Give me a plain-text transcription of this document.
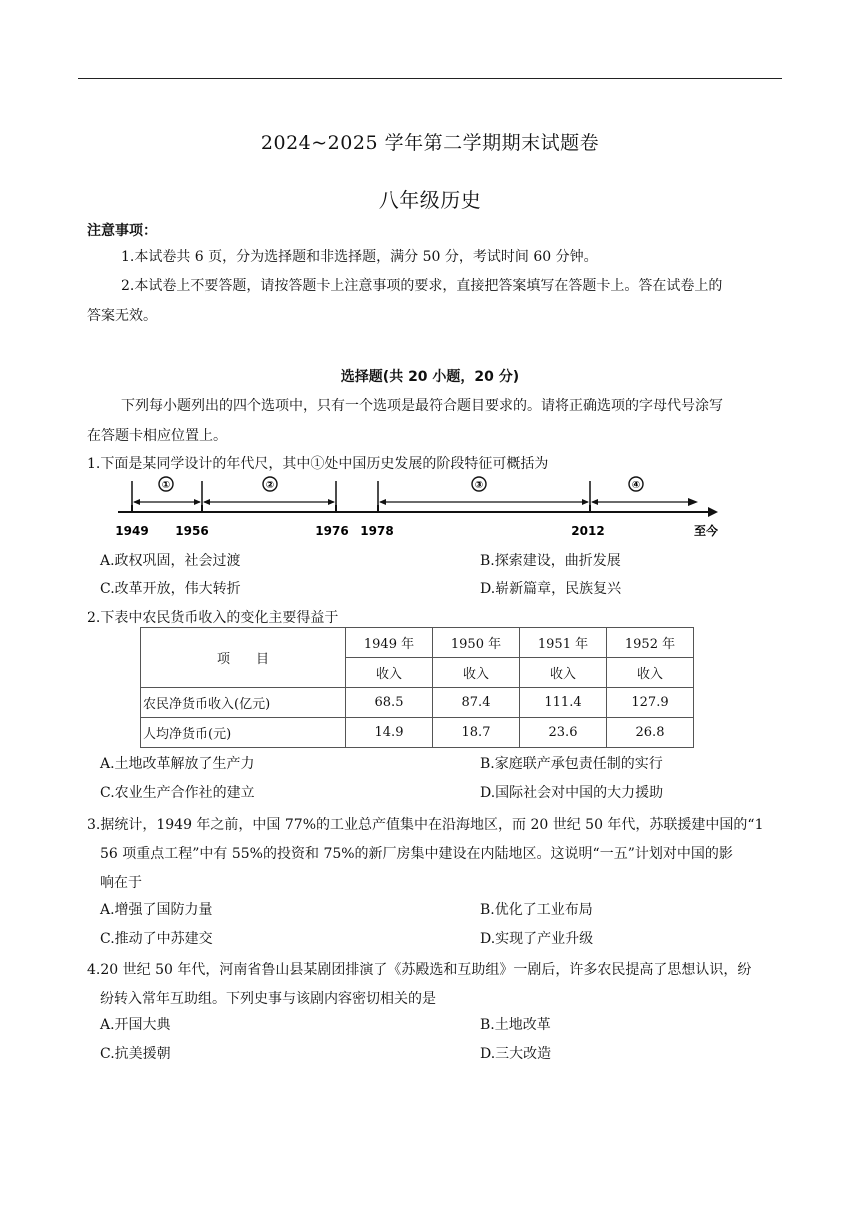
2024~2025 学年第二学期期末试题卷
八年级历史
注意事项：
1.本试卷共 6 页，分为选择题和非选择题，满分 50 分，考试时间 60 分钟。
2.本试卷上不要答题，请按答题卡上注意事项的要求，直接把答案填写在答题卡上。答在试卷上的
答案无效。
选择题(共 20 小题，20 分)
下列每小题列出的四个选项中，只有一个选项是最符合题目要求的。请将正确选项的字母代号涂写
在答题卡相应位置上。
1.下面是某同学设计的年代尺，其中①处中国历史发展的阶段特征可概括为
①	②	③	④
1949 1956	1976 1978	2012	至今
A.政权巩固，社会过渡	B.探索建设，曲折发展
C.改革开放，伟大转折	D.崭新篇章，民族复兴
2.下表中农民货币收入的变化主要得益于
项　　目	1949 年	1950 年	1951 年	1952 年
	收入	收入	收入	收入
农民净货币收入(亿元)	68.5	87.4	111.4	127.9
人均净货币(元)	14.9	18.7	23.6	26.8
A.土地改革解放了生产力	B.家庭联产承包责任制的实行
C.农业生产合作社的建立	D.国际社会对中国的大力援助
3.据统计，1949 年之前，中国 77%的工业总产值集中在沿海地区，而 20 世纪 50 年代，苏联援建中国的“1
56 项重点工程”中有 55%的投资和 75%的新厂房集中建设在内陆地区。这说明“一五”计划对中国的影
响在于
A.增强了国防力量	B.优化了工业布局
C.推动了中苏建交	D.实现了产业升级
4.20 世纪 50 年代，河南省鲁山县某剧团排演了《苏殿选和互助组》一剧后，许多农民提高了思想认识，纷
纷转入常年互助组。下列史事与该剧内容密切相关的是
A.开国大典	B.土地改革
C.抗美援朝	D.三大改造
